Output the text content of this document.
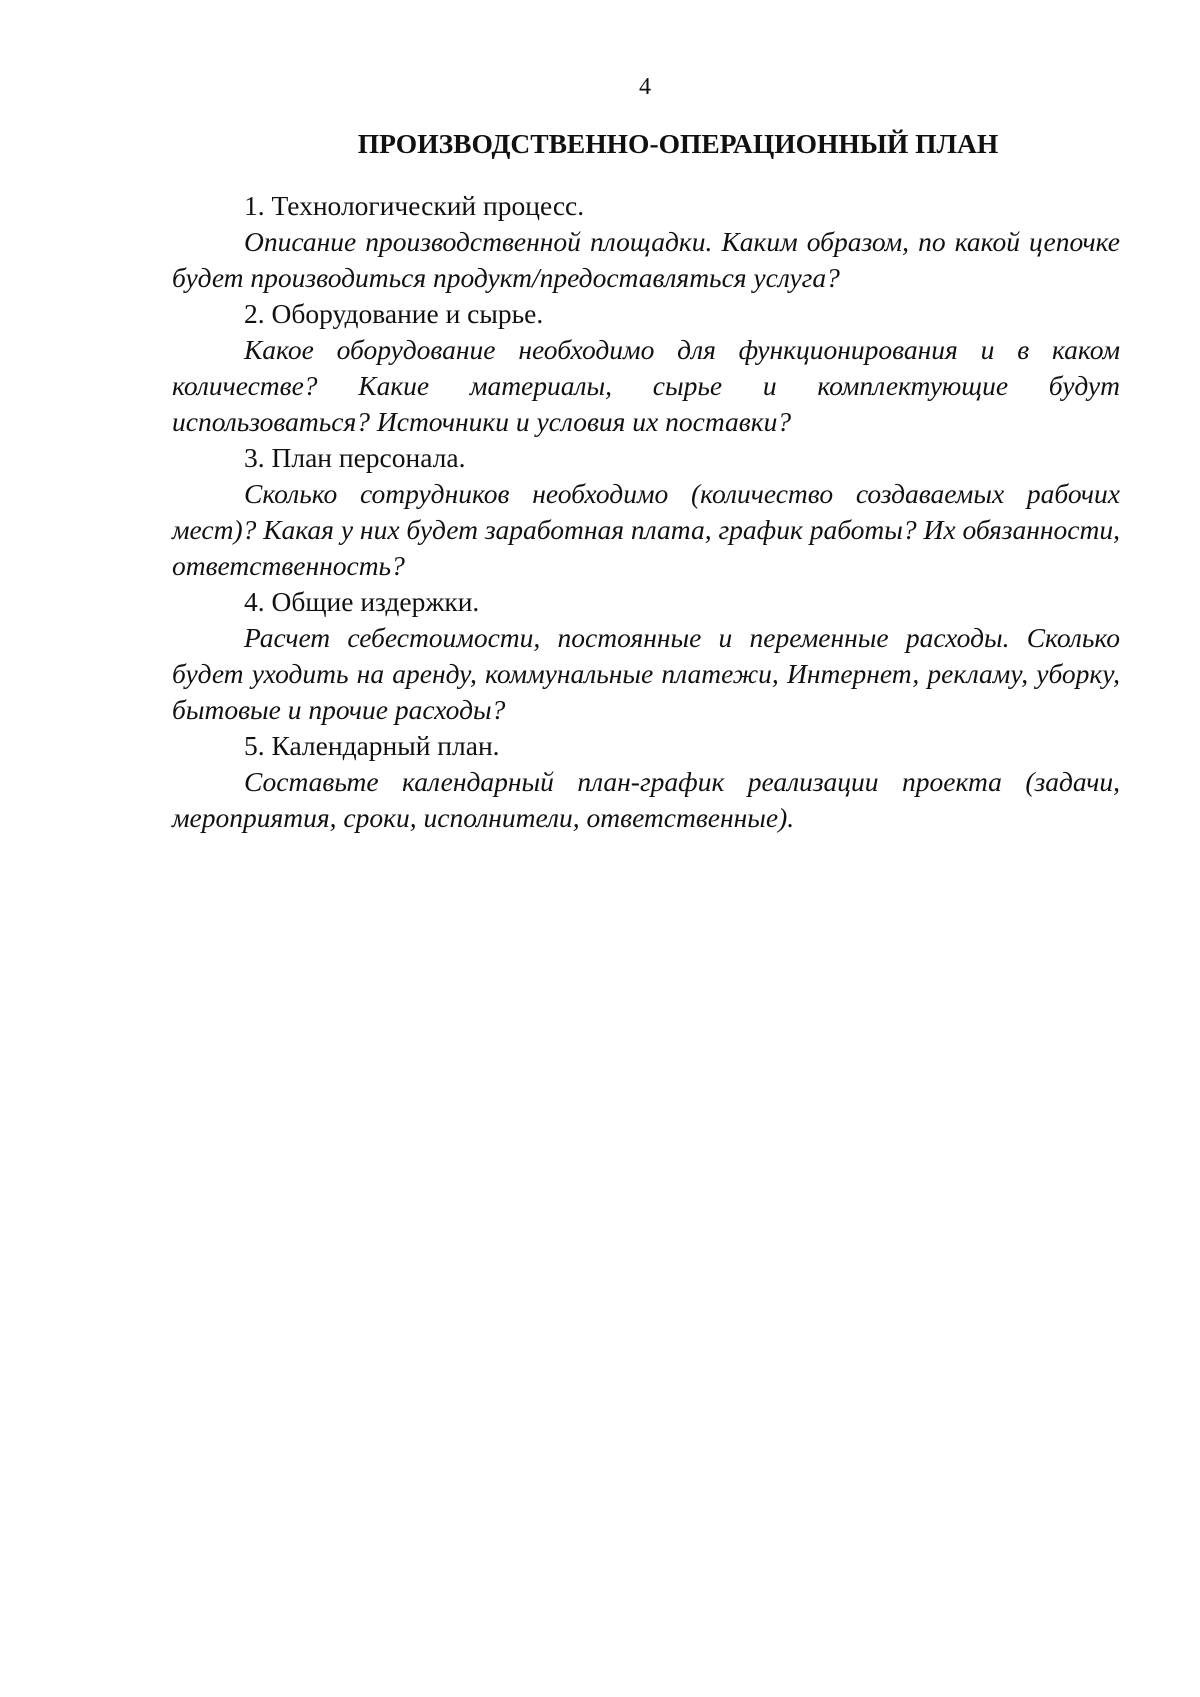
4
ПРОИЗВОДСТВЕННО-ОПЕРАЦИОННЫЙ ПЛАН

1. Технологический процесс.

Описание производственной площадки. Каким образом, по какой цепочке будет производиться продукт/предоставляться услуга?

2. Оборудование и сырье.

Какое оборудование необходимо для функционирования и в каком количестве? Какие материалы, сырье и комплектующие будут использоваться? Источники и условия их поставки?

3. План персонала.

Сколько сотрудников необходимо (количество создаваемых рабочих мест)? Какая у них будет заработная плата, график работы? Их обязанности, ответственность?

4. Общие издержки.

Расчет себестоимости, постоянные и переменные расходы. Сколько будет уходить на аренду, коммунальные платежи, Интернет, рекламу, уборку, бытовые и прочие расходы?

5. Календарный план.

Составьте календарный план-график реализации проекта (задачи, мероприятия, сроки, исполнители, ответственные).
